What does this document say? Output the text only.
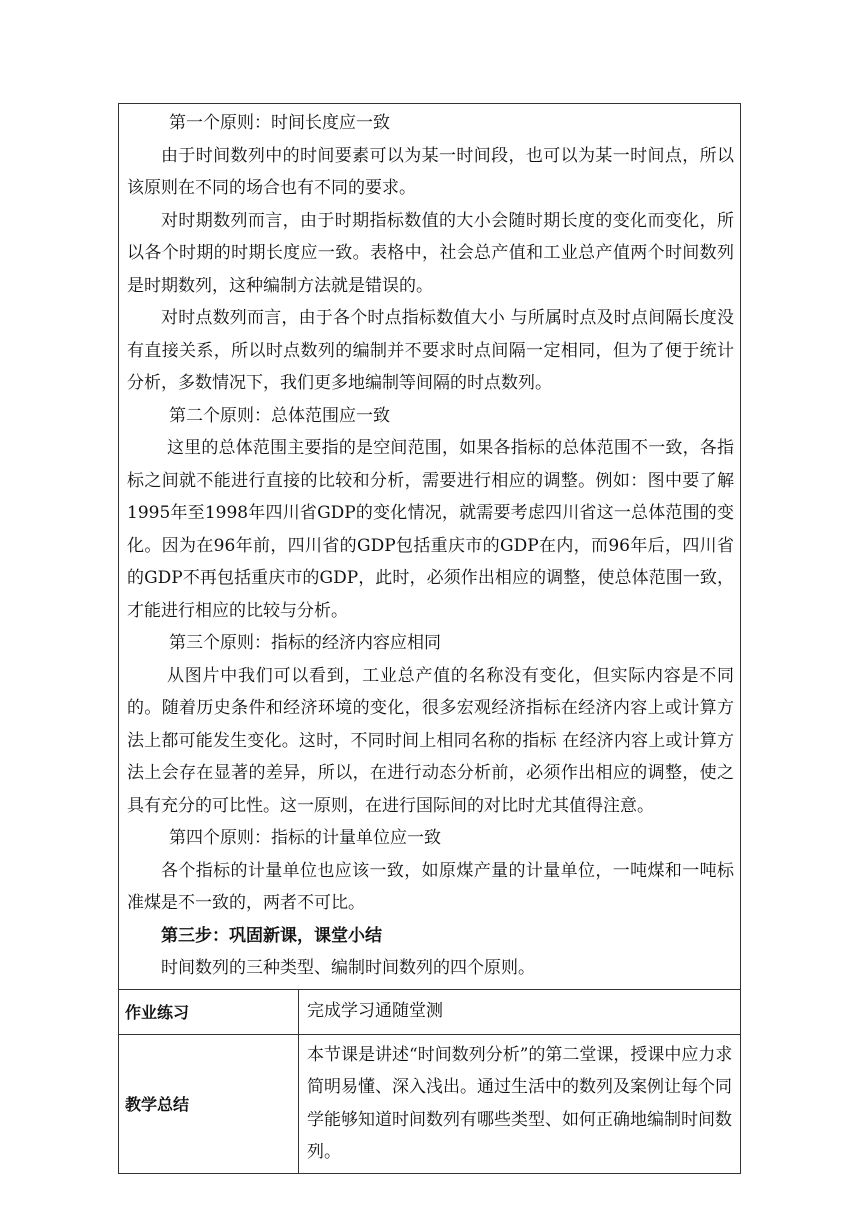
第一个原则：时间长度应一致

由于时间数列中的时间要素可以为某一时间段，也可以为某一时间点，所以该原则在不同的场合也有不同的要求。

对时期数列而言，由于时期指标数值的大小会随时期长度的变化而变化，所以各个时期的时期长度应一致。表格中，社会总产值和工业总产值两个时间数列是时期数列，这种编制方法就是错误的。

对时点数列而言，由于各个时点指标数值大小 与所属时点及时点间隔长度没有直接关系，所以时点数列的编制并不要求时点间隔一定相同，但为了便于统计分析，多数情况下，我们更多地编制等间隔的时点数列。

第二个原则：总体范围应一致

这里的总体范围主要指的是空间范围，如果各指标的总体范围不一致，各指标之间就不能进行直接的比较和分析，需要进行相应的调整。例如：图中要了解1995年至1998年四川省GDP的变化情况，就需要考虑四川省这一总体范围的变化。因为在96年前，四川省的GDP包括重庆市的GDP在内，而96年后，四川省的GDP不再包括重庆市的GDP，此时，必须作出相应的调整，使总体范围一致，才能进行相应的比较与分析。

第三个原则：指标的经济内容应相同

从图片中我们可以看到，工业总产值的名称没有变化，但实际内容是不同的。随着历史条件和经济环境的变化，很多宏观经济指标在经济内容上或计算方法上都可能发生变化。这时，不同时间上相同名称的指标 在经济内容上或计算方法上会存在显著的差异，所以，在进行动态分析前，必须作出相应的调整，使之具有充分的可比性。这一原则，在进行国际间的对比时尤其值得注意。

第四个原则：指标的计量单位应一致

各个指标的计量单位也应该一致，如原煤产量的计量单位，一吨煤和一吨标准煤是不一致的，两者不可比。

第三步：巩固新课，课堂小结

时间数列的三种类型、编制时间数列的四个原则。

作业练习	完成学习通随堂测
教学总结
本节课是讲述“时间数列分析”的第二堂课，授课中应力求简明易懂、深入浅出。通过生活中的数列及案例让每个同学能够知道时间数列有哪些类型、如何正确地编制时间数列。
